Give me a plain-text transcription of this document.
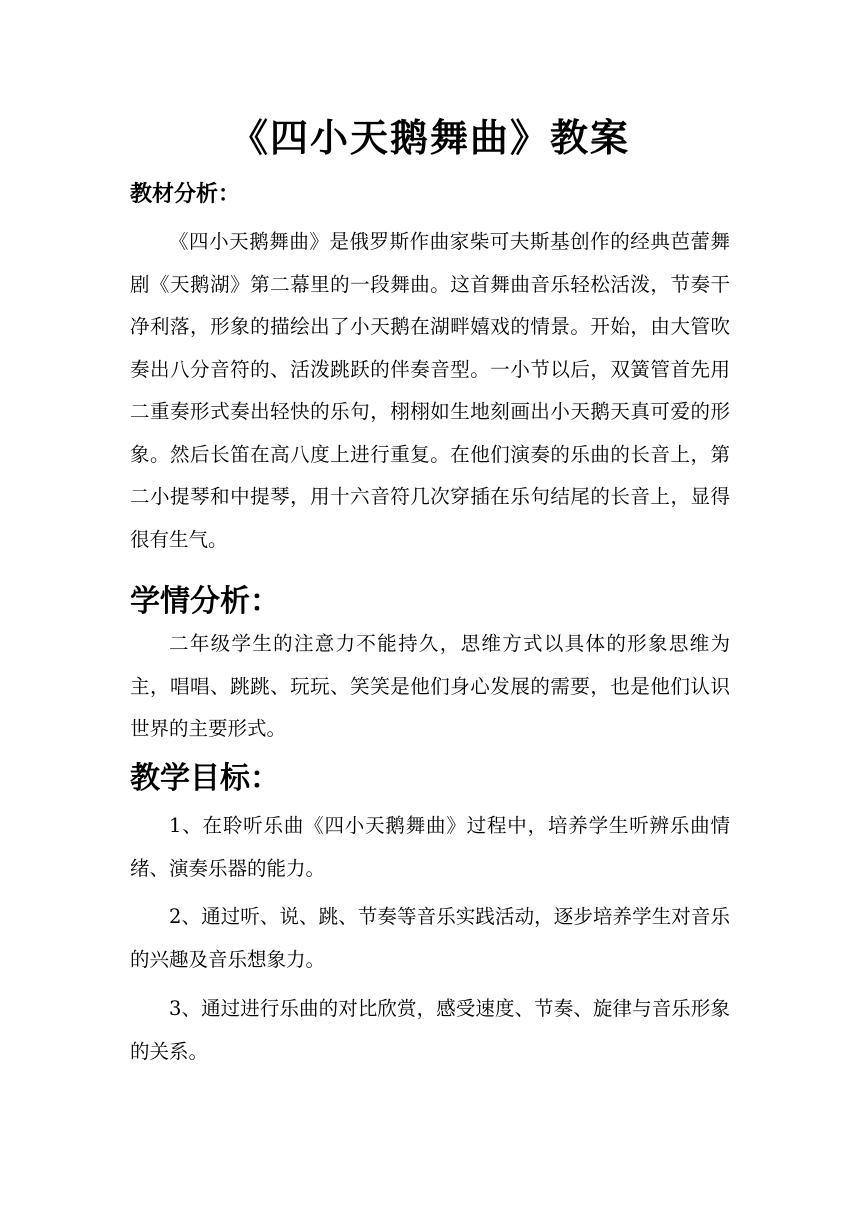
《四小天鹅舞曲》教案
教材分析：

《四小天鹅舞曲》是俄罗斯作曲家柴可夫斯基创作的经典芭蕾舞剧《天鹅湖》第二幕里的一段舞曲。这首舞曲音乐轻松活泼，节奏干净利落，形象的描绘出了小天鹅在湖畔嬉戏的情景。开始，由大管吹奏出八分音符的、活泼跳跃的伴奏音型。一小节以后，双簧管首先用二重奏形式奏出轻快的乐句，栩栩如生地刻画出小天鹅天真可爱的形象。然后长笛在高八度上进行重复。在他们演奏的乐曲的长音上，第二小提琴和中提琴，用十六音符几次穿插在乐句结尾的长音上，显得很有生气。

学情分析：

二年级学生的注意力不能持久，思维方式以具体的形象思维为主，唱唱、跳跳、玩玩、笑笑是他们身心发展的需要，也是他们认识世界的主要形式。

教学目标：

1、在聆听乐曲《四小天鹅舞曲》过程中，培养学生听辨乐曲情绪、演奏乐器的能力。

2、通过听、说、跳、节奏等音乐实践活动，逐步培养学生对音乐的兴趣及音乐想象力。

3、通过进行乐曲的对比欣赏，感受速度、节奏、旋律与音乐形象的关系。
